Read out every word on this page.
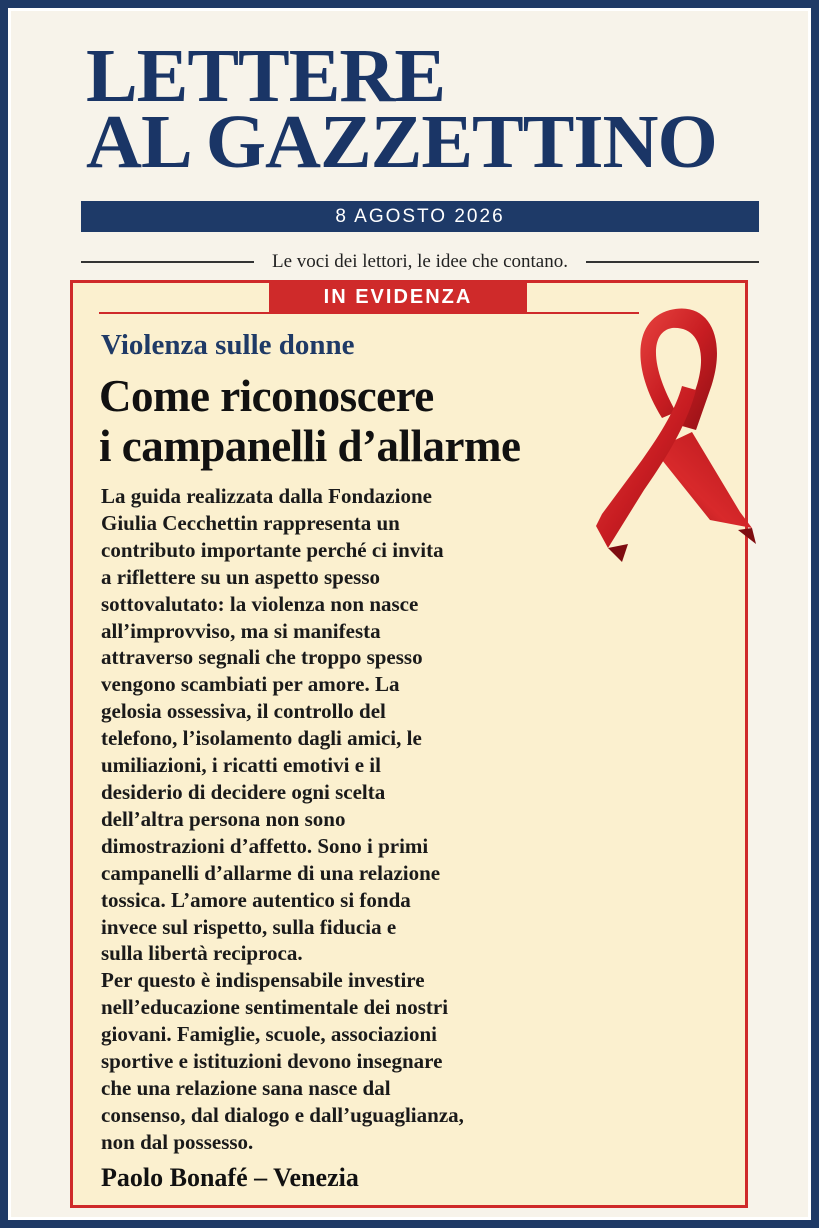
LETTERE
AL GAZZETTINO
8 AGOSTO 2026
Le voci dei lettori, le idee che contano.
IN EVIDENZA
Violenza sulle donne
Come riconoscere
i campanelli d’allarme
La guida realizzata dalla Fondazione
Giulia Cecchettin rappresenta un
contributo importante perché ci invita
a riflettere su un aspetto spesso
sottovalutato: la violenza non nasce
all’improvviso, ma si manifesta
attraverso segnali che troppo spesso
vengono scambiati per amore. La
gelosia ossessiva, il controllo del
telefono, l’isolamento dagli amici, le
umiliazioni, i ricatti emotivi e il
desiderio di decidere ogni scelta
dell’altra persona non sono
dimostrazioni d’affetto. Sono i primi
campanelli d’allarme di una relazione
tossica. L’amore autentico si fonda
invece sul rispetto, sulla fiducia e
sulla libertà reciproca.
Per questo è indispensabile investire
nell’educazione sentimentale dei nostri
giovani. Famiglie, scuole, associazioni
sportive e istituzioni devono insegnare
che una relazione sana nasce dal
consenso, dal dialogo e dall’uguaglianza,
non dal possesso.
Paolo Bonafé – Venezia
